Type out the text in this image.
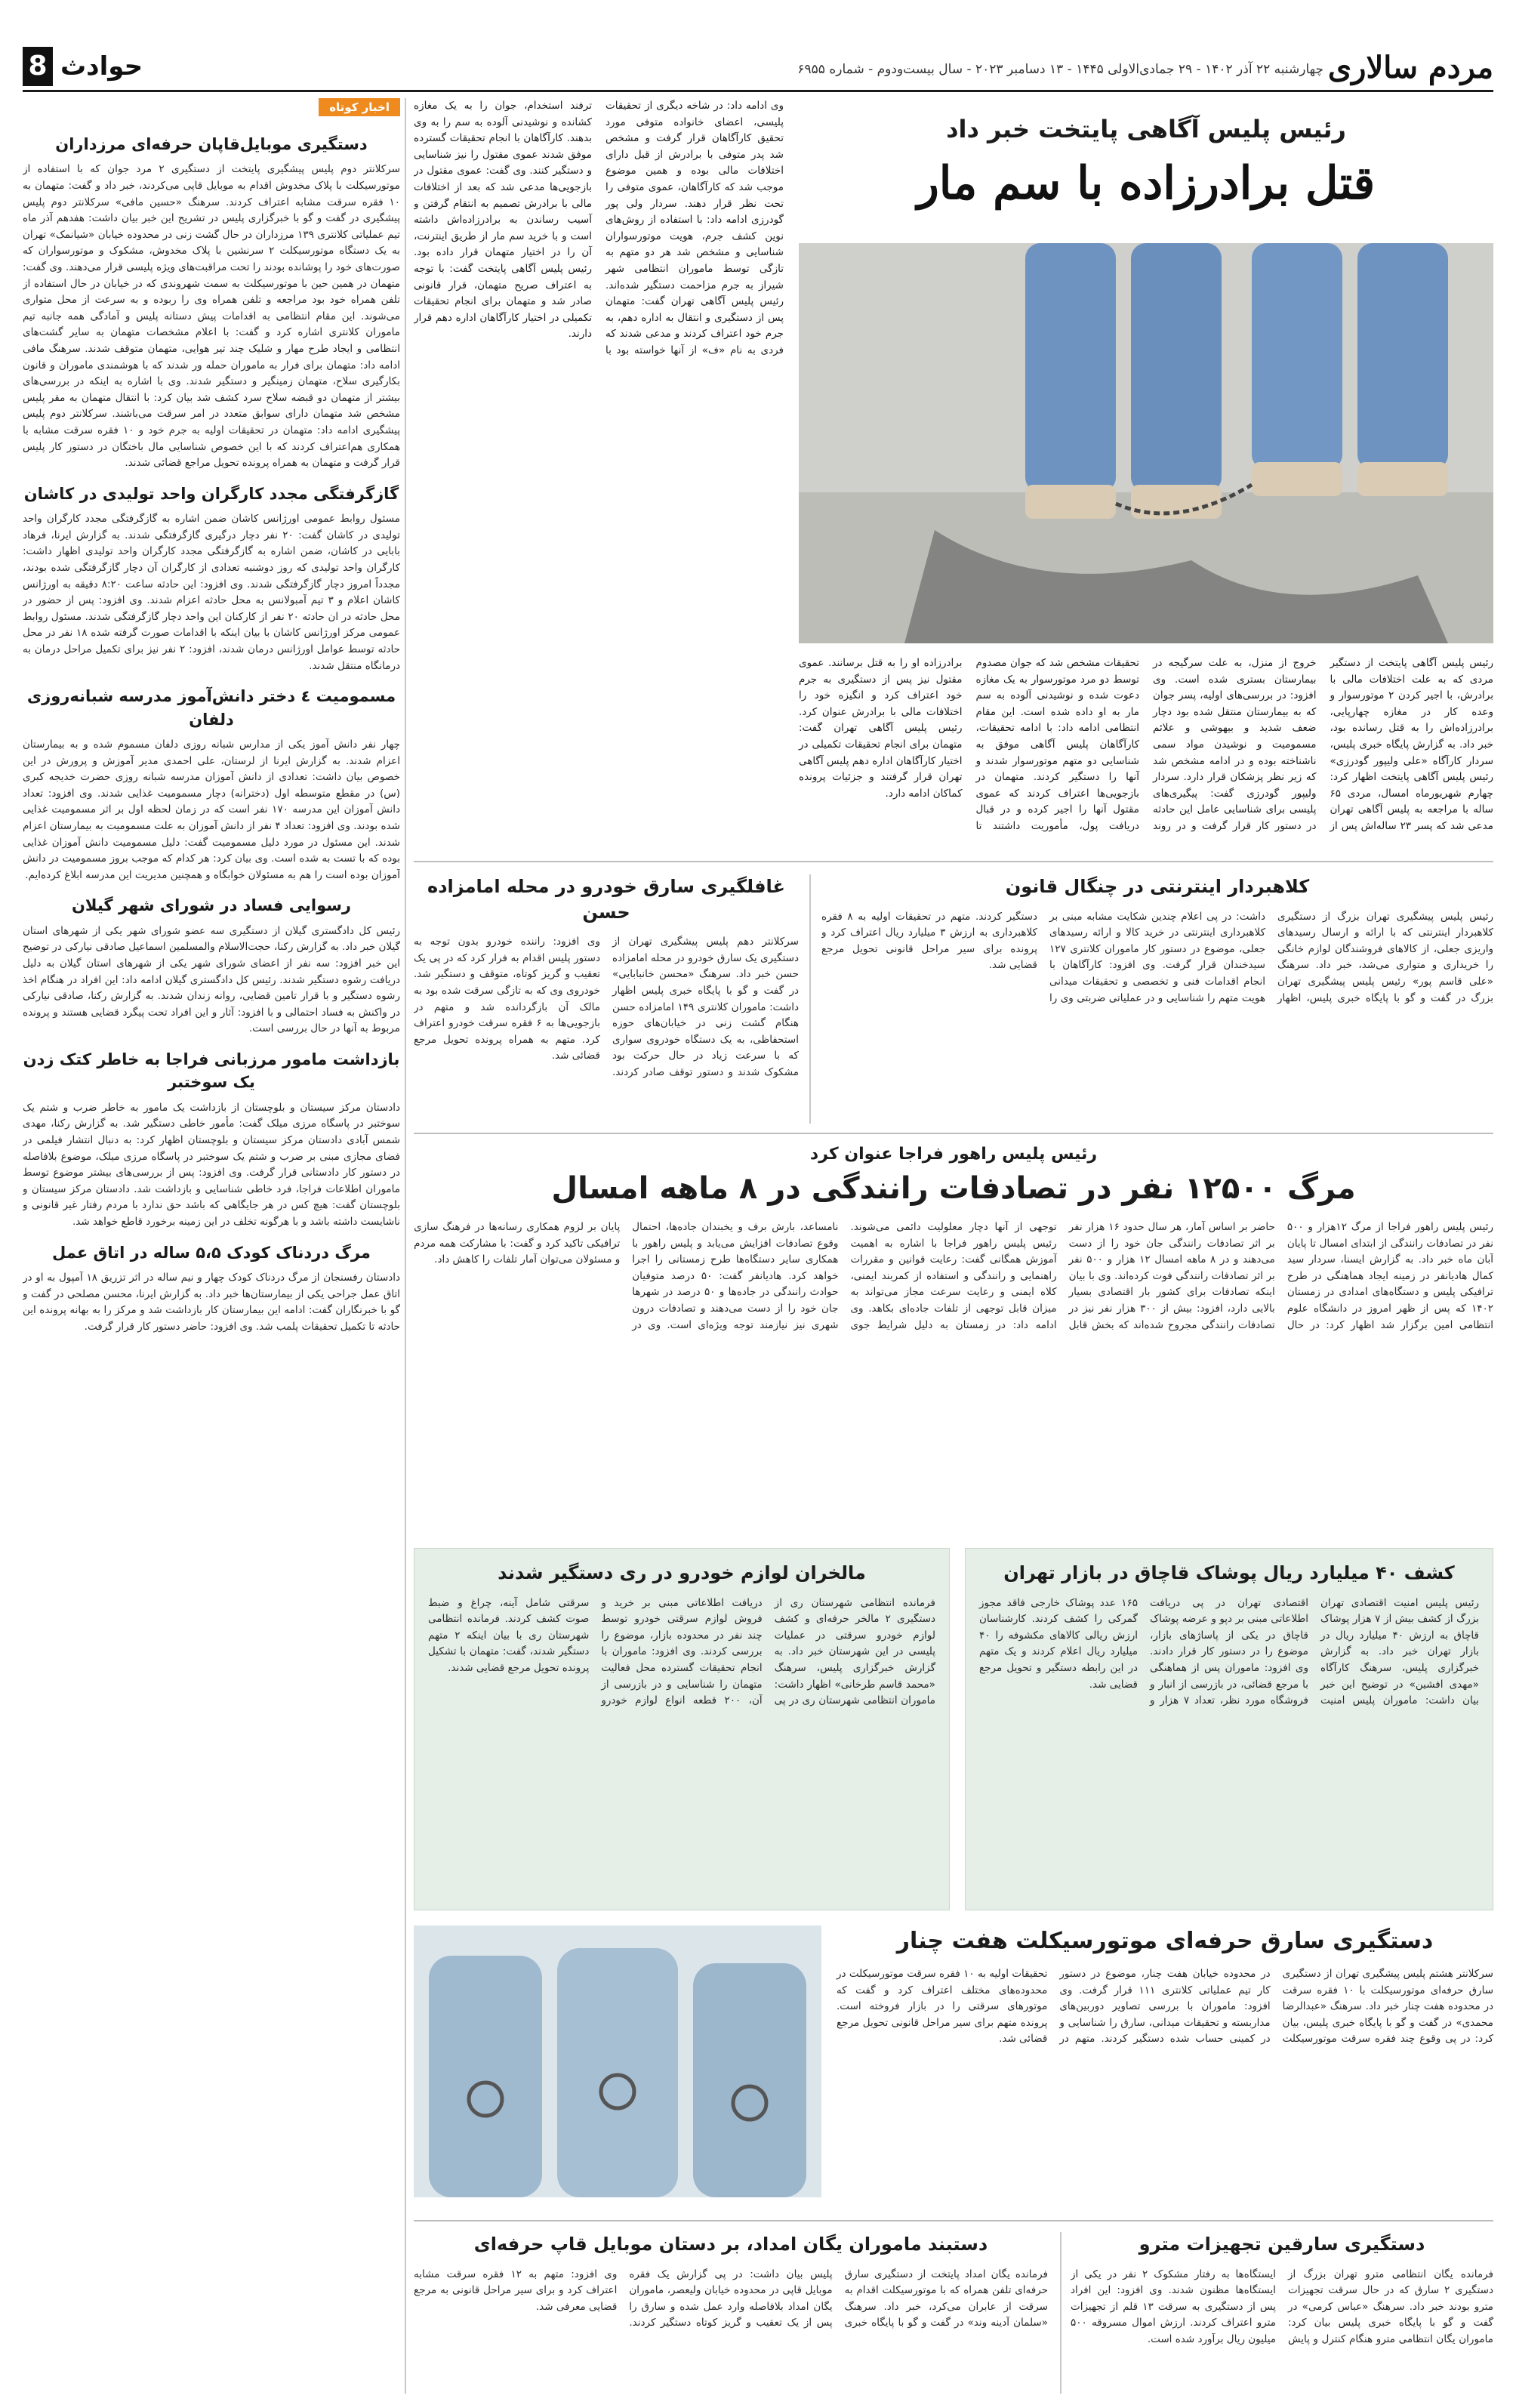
مردم سالاری
چهارشنبه ۲۲ آذر ۱۴۰۲ - ۲۹ جمادی‌الاولی ۱۴۴۵ - ۱۳ دسامبر ۲۰۲۳ - سال بیست‌ودوم - شماره ۶۹۵۵
حوادث
8
اخبار کوتاه
دستگیری موبایل‌قاپان حرفه‌ای مرزداران
سرکلانتر دوم پلیس پیشگیری پایتخت از دستگیری ۲ مرد جوان که با استفاده از موتورسیکلت با پلاک مخدوش اقدام به موبایل قاپی می‌کردند، خبر داد و گفت: متهمان به ۱۰ فقره سرقت مشابه اعتراف کردند. سرهنگ «حسین مافی» سرکلانتر دوم پلیس پیشگیری در گفت و گو با خبرگزاری پلیس در تشریح این خبر بیان داشت: هفدهم آذر ماه تیم عملیاتی کلانتری ۱۳۹ مرزداران در حال گشت زنی در محدوده خیابان «شیانمک» تهران به یک دستگاه موتورسیکلت ۲ سرنشین با پلاک مخدوش، مشکوک و موتورسواران که صورت‌های خود را پوشانده بودند را تحت مراقبت‌های ویژه پلیسی قرار می‌دهند. وی گفت: متهمان در همین حین با موتورسیکلت به سمت شهروندی که در خیابان در حال استفاده از تلفن همراه خود بود مراجعه و تلفن همراه وی را ربوده و به سرعت از محل متواری می‌شوند. این مقام انتظامی به اقدامات پیش دستانه پلیس و آمادگی همه جانبه تیم ماموران کلانتری اشاره کرد و گفت: با اعلام مشخصات متهمان به سایر گشت‌های انتظامی و ایجاد طرح مهار و شلیک چند تیر هوایی، متهمان متوقف شدند. سرهنگ مافی ادامه داد: متهمان برای فرار به ماموران حمله ور شدند که با هوشمندی ماموران و قانون بکارگیری سلاح، متهمان زمینگیر و دستگیر شدند. وی با اشاره به اینکه در بررسی‌های بیشتر از متهمان دو قبضه سلاح سرد کشف شد بیان کرد: با انتقال متهمان به مقر پلیس مشخص شد متهمان دارای سوابق متعدد در امر سرقت می‌باشند. سرکلانتر دوم پلیس پیشگیری ادامه داد: متهمان در تحقیقات اولیه به جرم خود و ۱۰ فقره سرقت مشابه با همکاری هم‌اعتراف کردند که با این خصوص شناسایی مال باختگان در دستور کار پلیس قرار گرفت و متهمان به همراه پرونده تحویل مراجع قضائی شدند.
گازگرفتگی مجدد کارگران واحد تولیدی در کاشان
مسئول روابط عمومی اورژانس کاشان ضمن اشاره به گازگرفتگی مجدد کارگران واحد تولیدی در کاشان گفت: ۲۰ نفر دچار درگیری گازگرفتگی شدند. به گزارش ایرنا، فرهاد بابایی در کاشان، ضمن اشاره به گازگرفتگی مجدد کارگران واحد تولیدی اظهار داشت: کارگران واحد تولیدی که روز دوشنبه تعدادی از کارگران آن دچار گازگرفتگی شده بودند، مجدداً امروز دچار گازگرفتگی شدند. وی افزود: این حادثه ساعت ۸:۲۰ دقیقه به اورژانس کاشان اعلام و ۳ تیم آمبولانس به محل حادثه اعزام شدند. وی افزود: پس از حضور در محل حادثه در ان حادثه ۲۰ نفر از کارکنان این واحد دچار گازگرفتگی شدند. مسئول روابط عمومی مرکز اورژانس کاشان با بیان اینکه با اقدامات صورت گرفته شده ۱۸ نفر در محل حادثه توسط عوامل اورژانس درمان شدند، افزود: ۲ نفر نیز برای تکمیل مراحل درمان به درمانگاه منتقل شدند.
مسمومیت ٤ دختر دانش‌آموز مدرسه شبانه‌روزی دلفان
چهار نفر دانش آموز یکی از مدارس شبانه روزی دلفان مسموم شده و به بیمارستان اعزام شدند. به گزارش ایرنا از لرستان، علی احمدی مدیر آموزش و پرورش در این خصوص بیان داشت: تعدادی از دانش آموزان مدرسه شبانه روزی حضرت خدیجه کبری (س) در مقطع متوسطه اول (دخترانه) دچار مسمومیت غذایی شدند. وی افزود: تعداد دانش آموزان این مدرسه ۱۷۰ نفر است که در زمان لحظه اول بر اثر مسمومیت غذایی شده بودند. وی افزود: تعداد ۴ نفر از دانش آموزان به علت مسمومیت به بیمارستان اعزام شدند. این مسئول در مورد دلیل مسمومیت گفت: دلیل مسمومیت دانش آموزان غذایی بوده که با تست به شده است. وی بیان کرد: هر کدام که موجب بروز مسمومیت در دانش آموزان بوده است را هم به مسئولان خوابگاه و همچنین مدیریت این مدرسه ابلاغ کرده‌ایم.
رسوایی فساد در شورای شهر گیلان
رئیس کل دادگستری گیلان از دستگیری سه عضو شورای شهر یکی از شهرهای استان گیلان خبر داد. به گزارش رکنا، حجت‌الاسلام والمسلمین اسماعیل صادقی نیارکی در توضیح این خبر افزود: سه نفر از اعضای شورای شهر یکی از شهرهای استان گیلان به دلیل دریافت رشوه دستگیر شدند. رئیس کل دادگستری گیلان ادامه داد: این افراد در هنگام اخذ رشوه دستگیر و با قرار تامین قضایی، روانه زندان شدند. به گزارش رکنا، صادقی نیارکی در واکنش به فساد احتمالی و با افزود: آثار و این افراد تحت پیگرد قضایی هستند و پرونده مربوط به آنها در حال بررسی است.
بازداشت مامور مرزبانی فراجا به خاطر کتک زدن یک سوختبر
دادستان مرکز سیستان و بلوچستان از بازداشت یک مامور به خاطر ضرب و شتم یک سوختبر در پاسگاه مرزی میلک گفت: مأمور خاطی دستگیر شد. به گزارش رکنا، مهدی شمس آبادی دادستان مرکز سیستان و بلوچستان اظهار کرد: به دنبال انتشار فیلمی در فضای مجازی مبنی بر ضرب و شتم یک سوختبر در پاسگاه مرزی میلک، موضوع بلافاصله در دستور کار دادستانی قرار گرفت. وی افزود: پس از بررسی‌های بیشتر موضوع توسط ماموران اطلاعات فراجا، فرد خاطی شناسایی و بازداشت شد. دادستان مرکز سیستان و بلوچستان گفت: هیچ کس در هر جایگاهی که باشد حق ندارد با مردم رفتار غیر قانونی و ناشایست داشته باشد و با هرگونه تخلف در این زمینه برخورد قاطع خواهد شد.
مرگ دردناک کودک ۵،۵ ساله در اتاق عمل
دادستان رفسنجان از مرگ دردناک کودک چهار و نیم ساله در اثر تزریق ۱۸ آمپول به او در اتاق عمل جراحی یکی از بیمارستان‌ها خبر داد. به گزارش ایرنا، محسن مصلحی در گفت و گو با خبرنگاران گفت: ادامه این بیمارستان کار بازداشت شد و مرکز را به بهانه پرونده این حادثه تا تکمیل تحقیقات پلمب شد. وی افزود: حاضر دستور کار قرار گرفت.
رئیس پلیس آگاهی پایتخت خبر داد
قتل برادرزاده با سم مار
رئیس پلیس آگاهی پایتخت از دستگیر مردی که به علت اختلافات مالی با برادرش، با اجیر کردن ۲ موتورسوار و وعده کار در مغازه چهارپایی، برادرزاده‌اش را به قتل رسانده بود، خبر داد. به گزارش پایگاه خبری پلیس، سردار کارآگاه «علی ولیپور گودرزی» رئیس پلیس آگاهی پایتخت اظهار کرد: چهارم شهریورماه امسال، مردی ۶۵ ساله با مراجعه به پلیس آگاهی تهران مدعی شد که پسر ۲۳ ساله‌اش پس از خروج از منزل، به علت سرگیجه در بیمارستان بستری شده است. وی افزود: در بررسی‌های اولیه، پسر جوان که به بیمارستان منتقل شده بود دچار ضعف شدید و بیهوشی و علائم مسمومیت و نوشیدن مواد سمی ناشناخته بوده و در ادامه مشخص شد که زیر نظر پزشکان قرار دارد. سردار ولیپور گودرزی گفت: پیگیری‌های پلیسی برای شناسایی عامل این حادثه در دستور کار قرار گرفت و در روند تحقیقات مشخص شد که جوان مصدوم توسط دو مرد موتورسوار به یک مغازه دعوت شده و نوشیدنی آلوده به سم مار به او داده شده است. این مقام انتظامی ادامه داد: با ادامه تحقیقات، کارآگاهان پلیس آگاهی موفق به شناسایی دو متهم موتورسوار شدند و آنها را دستگیر کردند. متهمان در بازجویی‌ها اعتراف کردند که عموی مقتول آنها را اجیر کرده و در قبال دریافت پول، مأموریت داشتند تا برادرزاده او را به قتل برسانند. عموی مقتول نیز پس از دستگیری به جرم خود اعتراف کرد و انگیزه خود را اختلافات مالی با برادرش عنوان کرد. رئیس پلیس آگاهی تهران گفت: متهمان برای انجام تحقیقات تکمیلی در اختیار کارآگاهان اداره دهم پلیس آگاهی تهران قرار گرفتند و جزئیات پرونده کماکان ادامه دارد.
وی ادامه داد: در شاخه دیگری از تحقیقات پلیسی، اعضای خانواده متوفی مورد تحقیق کارآگاهان قرار گرفت و مشخص شد پدر متوفی با برادرش از قبل دارای اختلافات مالی بوده و همین موضوع موجب شد که کارآگاهان، عموی متوفی را تحت نظر قرار دهند. سردار ولی پور گودرزی ادامه داد: با استفاده از روش‌های نوین کشف جرم، هویت موتورسواران شناسایی و مشخص شد هر دو متهم به تازگی توسط ماموران انتظامی شهر شیراز به جرم مزاحمت دستگیر شده‌اند. رئیس پلیس آگاهی تهران گفت: متهمان پس از دستگیری و انتقال به اداره دهم، به جرم خود اعتراف کردند و مدعی شدند که فردی به نام «ف» از آنها خواسته بود با ترفند استخدام، جوان را به یک مغازه کشانده و نوشیدنی آلوده به سم را به وی بدهند. کارآگاهان با انجام تحقیقات گسترده موفق شدند عموی مقتول را نیز شناسایی و دستگیر کنند. وی گفت: عموی مقتول در بازجویی‌ها مدعی شد که بعد از اختلافات مالی با برادرش تصمیم به انتقام گرفتن و آسیب رساندن به برادرزاده‌اش داشته است و با خرید سم مار از طریق اینترنت، آن را در اختیار متهمان قرار داده بود. رئیس پلیس آگاهی پایتخت گفت: با توجه به اعتراف صریح متهمان، قرار قانونی صادر شد و متهمان برای انجام تحقیقات تکمیلی در اختیار کارآگاهان اداره دهم قرار دارند.
کلاهبردار اینترنتی در چنگال قانون
رئیس پلیس پیشگیری تهران بزرگ از دستگیری کلاهبردار اینترنتی که با ارائه و ارسال رسیدهای واریزی جعلی، از کالاهای فروشندگان لوازم خانگی را خریداری و متواری می‌شد، خبر داد. سرهنگ «علی قاسم پور» رئیس پلیس پیشگیری تهران بزرگ در گفت و گو با پایگاه خبری پلیس، اظهار داشت: در پی اعلام چندین شکایت مشابه مبنی بر کلاهبرداری اینترنتی در خرید کالا و ارائه رسیدهای جعلی، موضوع در دستور کار ماموران کلانتری ۱۲۷ سیدخندان قرار گرفت. وی افزود: کارآگاهان با انجام اقدامات فنی و تخصصی و تحقیقات میدانی هویت متهم را شناسایی و در عملیاتی ضربتی وی را دستگیر کردند. متهم در تحقیقات اولیه به ۸ فقره کلاهبرداری به ارزش ۳ میلیارد ریال اعتراف کرد و پرونده برای سیر مراحل قانونی تحویل مرجع قضایی شد.
غافلگیری سارق خودرو در محله امامزاده حسن
سرکلانتر دهم پلیس پیشگیری تهران از دستگیری یک سارق خودرو در محله امامزاده حسن خبر داد. سرهنگ «محسن خانبابایی» در گفت و گو با پایگاه خبری پلیس اظهار داشت: ماموران کلانتری ۱۴۹ امامزاده حسن هنگام گشت زنی در خیابان‌های حوزه استحفاظی، به یک دستگاه خودروی سواری که با سرعت زیاد در حال حرکت بود مشکوک شدند و دستور توقف صادر کردند. وی افزود: راننده خودرو بدون توجه به دستور پلیس اقدام به فرار کرد که در پی یک تعقیب و گریز کوتاه، متوقف و دستگیر شد. خودروی وی که به تازگی سرقت شده بود به مالک آن بازگردانده شد و متهم در بازجویی‌ها به ۶ فقره سرقت خودرو اعتراف کرد. متهم به همراه پرونده تحویل مرجع قضائی شد.
رئیس پلیس راهور فراجا عنوان کرد
مرگ ۱۲۵۰۰ نفر در تصادفات رانندگی در ۸ ماهه امسال
رئیس پلیس راهور فراجا از مرگ ۱۲هزار و ۵۰۰ نفر در تصادفات رانندگی از ابتدای امسال تا پایان آبان ماه خبر داد. به گزارش ایسنا، سردار سید کمال هادیانفر در زمینه ایجاد هماهنگی در طرح ترافیکی پلیس و دستگاه‌های امدادی در زمستان ۱۴۰۲ که پس از ظهر امروز در دانشگاه علوم انتظامی امین برگزار شد اظهار کرد: در حال حاضر بر اساس آمار، هر سال حدود ۱۶ هزار نفر بر اثر تصادفات رانندگی جان خود را از دست می‌دهند و در ۸ ماهه امسال ۱۲ هزار و ۵۰۰ نفر بر اثر تصادفات رانندگی فوت کرده‌اند. وی با بیان اینکه تصادفات برای کشور بار اقتصادی بسیار بالایی دارد، افزود: بیش از ۳۰۰ هزار نفر نیز در تصادفات رانندگی مجروح شده‌اند که بخش قابل توجهی از آنها دچار معلولیت دائمی می‌شوند. رئیس پلیس راهور فراجا با اشاره به اهمیت آموزش همگانی گفت: رعایت قوانین و مقررات راهنمایی و رانندگی و استفاده از کمربند ایمنی، کلاه ایمنی و رعایت سرعت مجاز می‌تواند به میزان قابل توجهی از تلفات جاده‌ای بکاهد. وی ادامه داد: در زمستان به دلیل شرایط جوی نامساعد، بارش برف و یخبندان جاده‌ها، احتمال وقوع تصادفات افزایش می‌یابد و پلیس راهور با همکاری سایر دستگاه‌ها طرح زمستانی را اجرا خواهد کرد. هادیانفر گفت: ۵۰ درصد متوفیان حوادث رانندگی در جاده‌ها و ۵۰ درصد در شهرها جان خود را از دست می‌دهند و تصادفات درون شهری نیز نیازمند توجه ویژه‌ای است. وی در پایان بر لزوم همکاری رسانه‌ها در فرهنگ سازی ترافیکی تاکید کرد و گفت: با مشارکت همه مردم و مسئولان می‌توان آمار تلفات را کاهش داد.
کشف ۴۰ میلیارد ریال پوشاک قاچاق در بازار تهران
رئیس پلیس امنیت اقتصادی تهران بزرگ از کشف بیش از ۷ هزار پوشاک قاچاق به ارزش ۴۰ میلیارد ریال در بازار تهران خبر داد. به گزارش خبرگزاری پلیس، سرهنگ کارآگاه «مهدی افشین» در توضیح این خبر بیان داشت: ماموران پلیس امنیت اقتصادی تهران در پی دریافت اطلاعاتی مبنی بر دپو و عرضه پوشاک قاچاق در یکی از پاساژهای بازار، موضوع را در دستور کار قرار دادند. وی افزود: ماموران پس از هماهنگی با مرجع قضائی، در بازرسی از انبار و فروشگاه مورد نظر، تعداد ۷ هزار و ۱۶۵ عدد پوشاک خارجی فاقد مجوز گمرکی را کشف کردند. کارشناسان ارزش ریالی کالاهای مکشوفه را ۴۰ میلیارد ریال اعلام کردند و یک متهم در این رابطه دستگیر و تحویل مرجع قضایی شد.
مالخران لوازم خودرو در ری دستگیر شدند
فرمانده انتظامی شهرستان ری از دستگیری ۲ مالخر حرفه‌ای و کشف لوازم خودرو سرقتی در عملیات پلیسی در این شهرستان خبر داد. به گزارش خبرگزاری پلیس، سرهنگ «محمد قاسم طرخانی» اظهار داشت: ماموران انتظامی شهرستان ری در پی دریافت اطلاعاتی مبنی بر خرید و فروش لوازم سرقتی خودرو توسط چند نفر در محدوده بازار، موضوع را بررسی کردند. وی افزود: ماموران با انجام تحقیقات گسترده محل فعالیت متهمان را شناسایی و در بازرسی از آن، ۲۰۰ قطعه انواع لوازم خودرو سرقتی شامل آینه، چراغ و ضبط صوت کشف کردند. فرمانده انتظامی شهرستان ری با بیان اینکه ۲ متهم دستگیر شدند، گفت: متهمان با تشکیل پرونده تحویل مرجع قضایی شدند.
دستگیری سارق حرفه‌ای موتورسیکلت هفت چنار
سرکلانتر هشتم پلیس پیشگیری تهران از دستگیری سارق حرفه‌ای موتورسیکلت با ۱۰ فقره سرقت در محدوده هفت چنار خبر داد. سرهنگ «عبدالرضا محمدی» در گفت و گو با پایگاه خبری پلیس، بیان کرد: در پی وقوع چند فقره سرقت موتورسیکلت در محدوده خیابان هفت چنار، موضوع در دستور کار تیم عملیاتی کلانتری ۱۱۱ قرار گرفت. وی افزود: ماموران با بررسی تصاویر دوربین‌های مداربسته و تحقیقات میدانی، سارق را شناسایی و در کمینی حساب شده دستگیر کردند. متهم در تحقیقات اولیه به ۱۰ فقره سرقت موتورسیکلت در محدوده‌های مختلف اعتراف کرد و گفت که موتورهای سرقتی را در بازار فروخته است. پرونده متهم برای سیر مراحل قانونی تحویل مرجع قضائی شد.
دستگیری سارقین تجهیزات مترو
فرمانده یگان انتظامی مترو تهران بزرگ از دستگیری ۲ سارق که در حال سرقت تجهیزات مترو بودند خبر داد. سرهنگ «عباس کرمی» در گفت و گو با پایگاه خبری پلیس بیان کرد: ماموران یگان انتظامی مترو هنگام کنترل و پایش ایستگاه‌ها به رفتار مشکوک ۲ نفر در یکی از ایستگاه‌ها مظنون شدند. وی افزود: این افراد پس از دستگیری به سرقت ۱۳ قلم از تجهیزات مترو اعتراف کردند. ارزش اموال مسروقه ۵۰۰ میلیون ریال برآورد شده است.
دستبند ماموران یگان امداد، بر دستان موبایل قاپ حرفه‌ای
فرمانده یگان امداد پایتخت از دستگیری سارق حرفه‌ای تلفن همراه که با موتورسیکلت اقدام به سرقت از عابران می‌کرد، خبر داد. سرهنگ «سلمان آدینه وند» در گفت و گو با پایگاه خبری پلیس بیان داشت: در پی گزارش یک فقره موبایل قاپی در محدوده خیابان ولیعصر، ماموران یگان امداد بلافاصله وارد عمل شده و سارق را پس از یک تعقیب و گریز کوتاه دستگیر کردند. وی افزود: متهم به ۱۲ فقره سرقت مشابه اعتراف کرد و برای سیر مراحل قانونی به مرجع قضایی معرفی شد.
